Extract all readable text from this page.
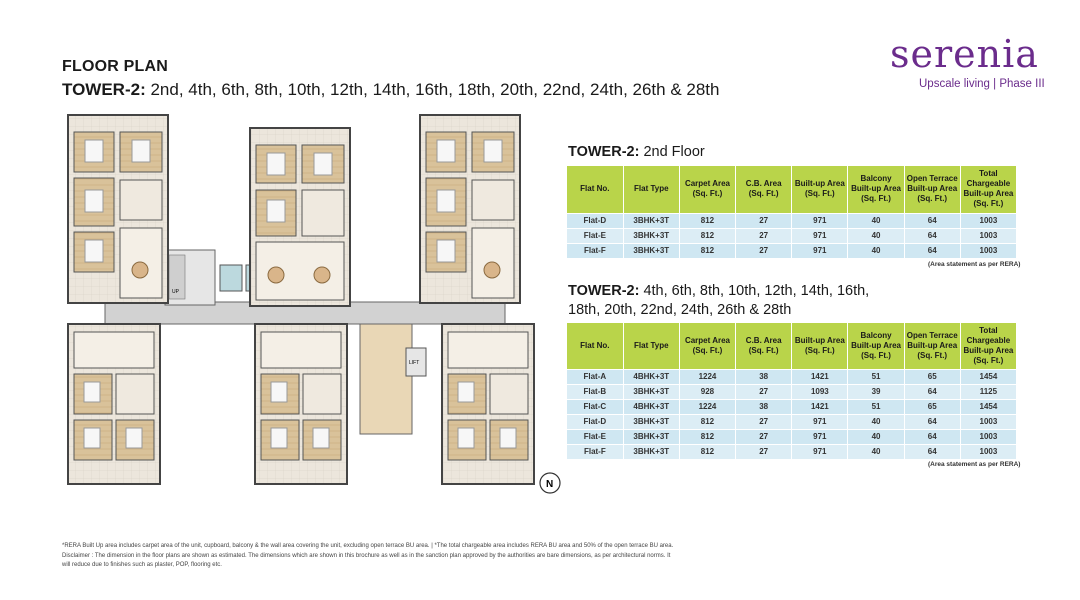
FLOOR PLAN
TOWER-2: 2nd, 4th, 6th, 8th, 10th, 12th, 14th, 16th, 18th, 20th, 22nd, 24th, 26th & 28th
serenia
Upscale living | Phase III
UP
LIFT
N
TOWER-2: 2nd Floor
Flat No.	Flat Type	Carpet Area (Sq. Ft.)	C.B. Area (Sq. Ft.)	Built-up Area (Sq. Ft.)	Balcony Built-up Area (Sq. Ft.)	Open Terrace Built-up Area (Sq. Ft.)	Total Chargeable Built-up Area (Sq. Ft.)
Flat-D	3BHK+3T	812	27	971	40	64	1003
Flat-E	3BHK+3T	812	27	971	40	64	1003
Flat-F	3BHK+3T	812	27	971	40	64	1003
(Area statement as per RERA)
TOWER-2: 4th, 6th, 8th, 10th, 12th, 14th, 16th,
18th, 20th, 22nd, 24th, 26th & 28th
Flat No.	Flat Type	Carpet Area (Sq. Ft.)	C.B. Area (Sq. Ft.)	Built-up Area (Sq. Ft.)	Balcony Built-up Area (Sq. Ft.)	Open Terrace Built-up Area (Sq. Ft.)	Total Chargeable Built-up Area (Sq. Ft.)
Flat-A	4BHK+3T	1224	38	1421	51	65	1454
Flat-B	3BHK+3T	928	27	1093	39	64	1125
Flat-C	4BHK+3T	1224	38	1421	51	65	1454
Flat-D	3BHK+3T	812	27	971	40	64	1003
Flat-E	3BHK+3T	812	27	971	40	64	1003
Flat-F	3BHK+3T	812	27	971	40	64	1003
(Area statement as per RERA)
*RERA Built Up area includes carpet area of the unit, cupboard, balcony & the wall area covering the unit, excluding open terrace BU area. | *The total chargeable area includes RERA BU area and 50% of the open terrace BU area.
Disclaimer : The dimension in the floor plans are shown as estimated. The dimensions which are shown in this brochure as well as in the sanction plan approved by the authorities are bare dimensions, as per architectural norms. It
will reduce due to finishes such as plaster, POP, flooring etc.
